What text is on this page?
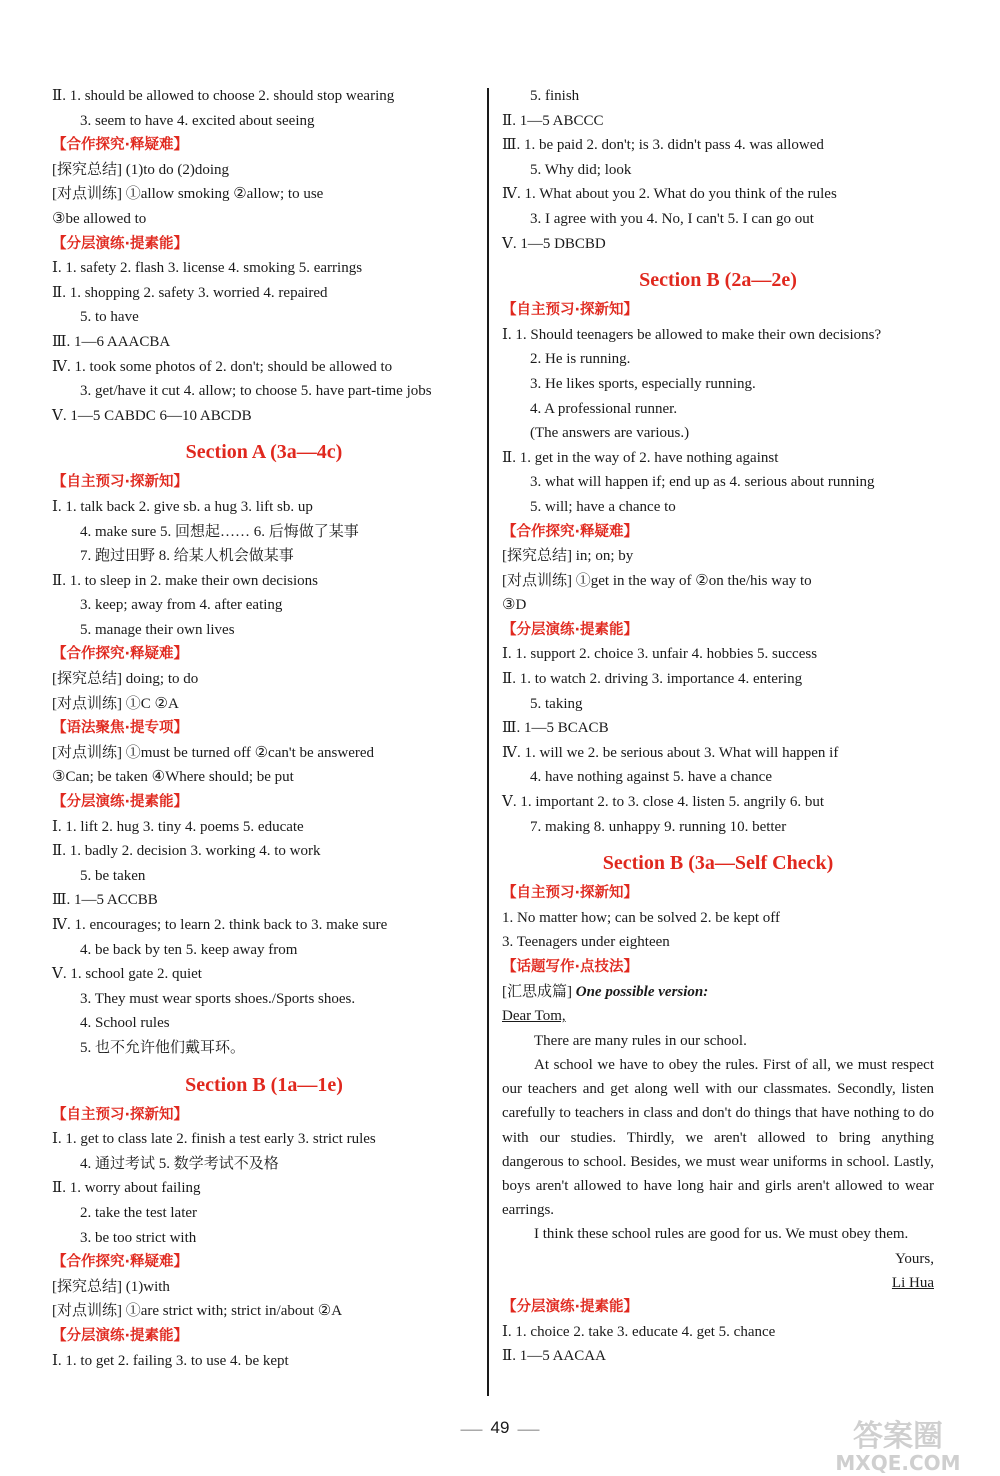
Ⅱ. 1. should be allowed to choose 2. should stop wearing
3. seem to have 4. excited about seeing
【合作探究·释疑难】
[探究总结] (1)to do (2)doing
[对点训练] ①allow smoking ②allow; to use
③be allowed to
【分层演练·提素能】
Ⅰ. 1. safety 2. flash 3. license 4. smoking 5. earrings
Ⅱ. 1. shopping 2. safety 3. worried 4. repaired
5. to have
Ⅲ. 1—6 AAACBA
Ⅳ. 1. took some photos of 2. don't; should be allowed to
3. get/have it cut 4. allow; to choose 5. have part-time jobs
Ⅴ. 1—5 CABDC 6—10 ABCDB
Section A (3a—4c)
【自主预习·探新知】
Ⅰ. 1. talk back 2. give sb. a hug 3. lift sb. up
4. make sure 5. 回想起…… 6. 后悔做了某事
7. 跑过田野 8. 给某人机会做某事
Ⅱ. 1. to sleep in 2. make their own decisions
3. keep; away from 4. after eating
5. manage their own lives
【合作探究·释疑难】
[探究总结] doing; to do
[对点训练] ①C ②A
【语法聚焦·提专项】
[对点训练] ①must be turned off ②can't be answered
③Can; be taken ④Where should; be put
【分层演练·提素能】
Ⅰ. 1. lift 2. hug 3. tiny 4. poems 5. educate
Ⅱ. 1. badly 2. decision 3. working 4. to work
5. be taken
Ⅲ. 1—5 ACCBB
Ⅳ. 1. encourages; to learn 2. think back to 3. make sure
4. be back by ten 5. keep away from
Ⅴ. 1. school gate 2. quiet
3. They must wear sports shoes./Sports shoes.
4. School rules
5. 也不允许他们戴耳环。
Section B (1a—1e)
【自主预习·探新知】
Ⅰ. 1. get to class late 2. finish a test early 3. strict rules
4. 通过考试 5. 数学考试不及格
Ⅱ. 1. worry about failing
2. take the test later
3. be too strict with
【合作探究·释疑难】
[探究总结] (1)with
[对点训练] ①are strict with; strict in/about ②A
【分层演练·提素能】
Ⅰ. 1. to get 2. failing 3. to use 4. be kept
5. finish
Ⅱ. 1—5 ABCCC
Ⅲ. 1. be paid 2. don't; is 3. didn't pass 4. was allowed
5. Why did; look
Ⅳ. 1. What about you 2. What do you think of the rules
3. I agree with you 4. No, I can't 5. I can go out
Ⅴ. 1—5 DBCBD
Section B (2a—2e)
【自主预习·探新知】
Ⅰ. 1. Should teenagers be allowed to make their own decisions?
2. He is running.
3. He likes sports, especially running.
4. A professional runner.
(The answers are various.)
Ⅱ. 1. get in the way of 2. have nothing against
3. what will happen if; end up as 4. serious about running
5. will; have a chance to
【合作探究·释疑难】
[探究总结] in; on; by
[对点训练] ①get in the way of ②on the/his way to
③D
【分层演练·提素能】
Ⅰ. 1. support 2. choice 3. unfair 4. hobbies 5. success
Ⅱ. 1. to watch 2. driving 3. importance 4. entering
5. taking
Ⅲ. 1—5 BCACB
Ⅳ. 1. will we 2. be serious about 3. What will happen if
4. have nothing against 5. have a chance
Ⅴ. 1. important 2. to 3. close 4. listen 5. angrily 6. but
7. making 8. unhappy 9. running 10. better
Section B (3a—Self Check)
【自主预习·探新知】
1. No matter how; can be solved 2. be kept off
3. Teenagers under eighteen
【话题写作·点技法】
[汇思成篇] One possible version:
Dear Tom,

There are many rules in our school.

At school we have to obey the rules. First of all, we must respect our teachers and get along well with our classmates. Secondly, listen carefully to teachers in class and don't do things that have nothing to do with our studies. Thirdly, we aren't allowed to bring anything dangerous to school. Besides, we must wear uniforms in school. Lastly, boys aren't allowed to have long hair and girls aren't allowed to wear earrings.

I think these school rules are good for us. We must obey them.

Yours,
Li Hua
【分层演练·提素能】
Ⅰ. 1. choice 2. take 3. educate 4. get 5. chance
Ⅱ. 1—5 AACAA
—— 49 ——	答案圈
MXQE.COM
